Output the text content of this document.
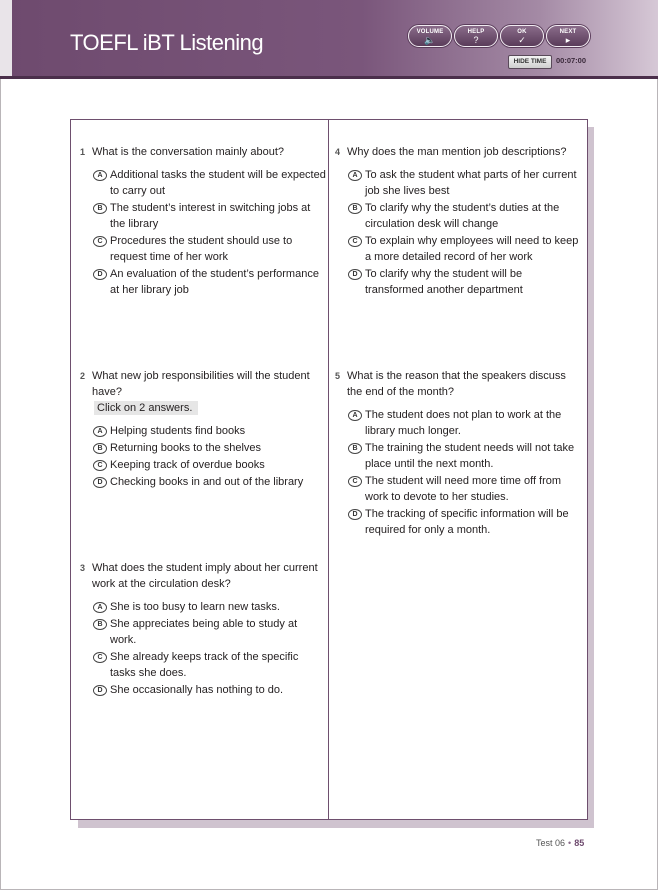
TOEFL iBT Listening	VOLUME
🔈
HELP
?
OK
✓
NEXT
▸
HIDE TIME	00:07:00
1 What is the conversation mainly about?
A Additional tasks the student will be expected to carry out
B The student’s interest in switching jobs at the library
C Procedures the student should use to request time of her work
D An evaluation of the student’s performance at her library job
2 What new job responsibilities will the student have?
Click on 2 answers.
A Helping students find books
B Returning books to the shelves
C Keeping track of overdue books
D Checking books in and out of the library
3 What does the student imply about her current work at the circulation desk?
A She is too busy to learn new tasks.
B She appreciates being able to study at work.
C She already keeps track of the specific tasks she does.
D She occasionally has nothing to do.
4 Why does the man mention job descriptions?
A To ask the student what parts of her current job she lives best
B To clarify why the student’s duties at the circulation desk will change
C To explain why employees will need to keep a more detailed record of her work
D To clarify why the student will be transformed another department
5 What is the reason that the speakers discuss the end of the month?
A The student does not plan to work at the library much longer.
B The training the student needs will not take place until the next month.
C The student will need more time off from work to devote to her studies.
D The tracking of specific information will be required for only a month.
Test 06 • 85
